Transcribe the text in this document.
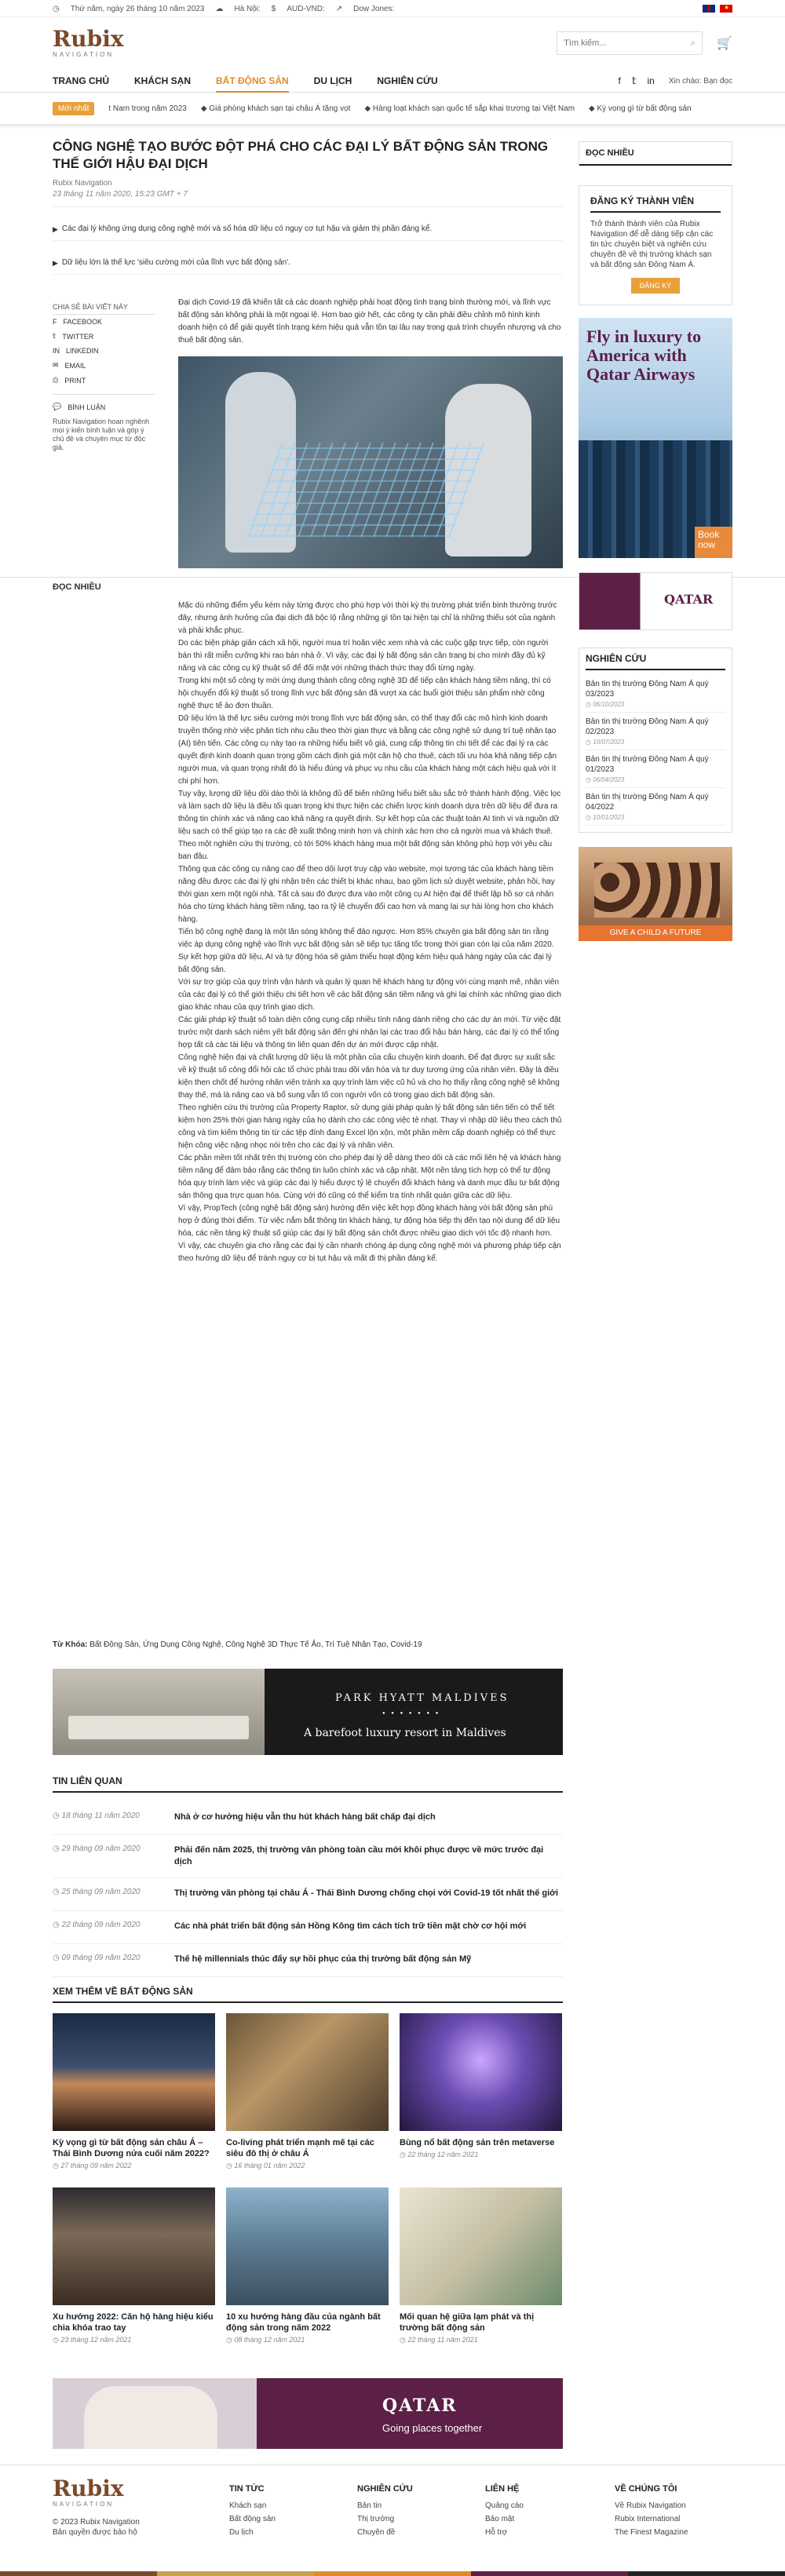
◷ Thứ năm, ngày 26 tháng 10 năm 2023 ☁ Hà Nội: $ AUD-VND: ↗ Dow Jones:
★
Rubix
NAVIGATION
Tìm kiếm...
⌕ 🛒
TRANG CHỦ	KHÁCH SẠN	BẤT ĐỘNG SẢN	DU LỊCH	NGHIÊN CỨU	f 𝕥 in Xin chào: Bạn đọc
Mới nhất	t Nam trong năm 2023 ◆ Giá phòng khách sạn tại châu Á tăng vọt ◆ Hàng loạt khách sạn quốc tế sắp khai trương tại Việt Nam ◆ Kỳ vọng gì từ bất động sản
CÔNG NGHỆ TẠO BƯỚC ĐỘT PHÁ CHO CÁC ĐẠI LÝ BẤT ĐỘNG SẢN TRONG THẾ GIỚI HẬU ĐẠI DỊCH
Rubix Navigation
23 tháng 11 năm 2020, 15:23 GMT + 7
▶ Các đại lý không ứng dụng công nghệ mới và số hóa dữ liệu có nguy cơ tụt hậu và giảm thị phần đáng kể.
▶ Dữ liệu lớn là thế lực 'siêu cường mới của lĩnh vực bất động sản'.
CHIA SẺ BÀI VIẾT NÀY
F FACEBOOK
𝕥 TWITTER
IN LINKEDIN
✉ EMAIL
⎙ PRINT
💬 BÌNH LUẬN
Rubix Navigation hoan nghênh mọi ý kiến bình luận và góp ý chủ đề và chuyên mục từ độc giả.

Đại dịch Covid-19 đã khiến tất cả các doanh nghiệp phải hoạt động tình trạng bình thường mới, và lĩnh vực bất động sản không phải là một ngoại lệ. Hơn bao giờ hết, các công ty cần phải điều chỉnh mô hình kinh doanh hiện có để giải quyết tình trạng kém hiệu quả vẫn tồn tại lâu nay trong quá trình chuyển nhượng và cho thuê bất động sản.

Mặc dù những điểm yếu kém này từng được cho phù hợp với thời kỳ thị trường phát triển bình thường trước đây, nhưng ảnh hưởng của đại dịch đã bộc lộ rằng những gì tồn tại hiện tại chỉ là những thiếu sót của ngành và phải khắc phục.

Do các biện pháp giãn cách xã hội, người mua trì hoãn việc xem nhà và các cuộc gặp trực tiếp, còn người bán thì rất miễn cưỡng khi rao bán nhà ở. Vì vậy, các đại lý bất động sản cần trang bị cho mình đầy đủ kỹ năng và các công cụ kỹ thuật số để đối mặt với những thách thức thay đổi từng ngày.

Trong khi một số công ty mới ứng dụng thành công công nghệ 3D để tiếp cận khách hàng tiềm năng, thì có hội chuyển đổi kỹ thuật số trong lĩnh vực bất động sản đã vượt xa các buổi giới thiệu sản phẩm nhờ công nghệ thực tế ảo đơn thuần.

Dữ liệu lớn là thế lực siêu cường mới trong lĩnh vực bất động sản, có thể thay đổi các mô hình kinh doanh truyền thống nhờ việc phân tích nhu cầu theo thời gian thực và bằng các công nghệ sử dụng trí tuệ nhân tạo (AI) tiên tiến. Các công cụ này tạo ra những hiểu biết vô giá, cung cấp thông tin chi tiết để các đại lý ra các quyết định kinh doanh quan trọng gồm cách định giá một căn hộ cho thuê, cách tối ưu hóa khả năng tiếp cận người mua, và quan trọng nhất đó là hiểu đúng và phục vụ nhu cầu của khách hàng một cách hiệu quả với ít chi phí hơn.

Tuy vậy, lượng dữ liệu dồi dào thôi là không đủ để biến những hiểu biết sâu sắc trở thành hành động. Việc lọc và làm sạch dữ liệu là điều tối quan trọng khi thực hiện các chiến lược kinh doanh dựa trên dữ liệu để đưa ra thông tin chính xác và nâng cao khả năng ra quyết định. Sự kết hợp của các thuật toán AI tinh vi và nguồn dữ liệu sạch có thể giúp tạo ra các đề xuất thông minh hơn và chính xác hơn cho cả người mua và khách thuê. Theo một nghiên cứu thị trường, có tới 50% khách hàng mua một bất động sản không phù hợp với yêu cầu ban đầu.

Thông qua các công cụ nâng cao để theo dõi lượt truy cập vào website, mọi tương tác của khách hàng tiềm năng đều được các đại lý ghi nhận trên các thiết bị khác nhau, bao gồm lịch sử duyệt website, phản hồi, hay thời gian xem một ngôi nhà. Tất cả sau đó được đưa vào một công cụ AI hiện đại để thiết lập hồ sơ cá nhân hóa cho từng khách hàng tiềm năng, tạo ra tỷ lệ chuyển đổi cao hơn và mang lại sự hài lòng hơn cho khách hàng.

Tiến bộ công nghệ đang là một lăn sóng không thể đảo ngược. Hơn 85% chuyên gia bất động sản tin rằng việc áp dụng công nghệ vào lĩnh vực bất động sản sẽ tiếp tục tăng tốc trong thời gian còn lại của năm 2020. Sự kết hợp giữa dữ liệu, AI và tự động hóa sẽ giảm thiểu hoạt động kém hiệu quả hàng ngày của các đại lý bất động sản.

Với sự trợ giúp của quy trình vận hành và quản lý quan hệ khách hàng tự động với cùng mạnh mẽ, nhân viên của các đại lý có thể giới thiệu chi tiết hơn về các bất động sản tiềm năng và ghi lại chính xác những giao dịch giao khác nhau của quy trình giao dịch.

Các giải pháp kỹ thuật số toàn diện công cụng cấp nhiều tính năng dành riêng cho các dự án mới. Từ việc đặt trước một danh sách niêm yết bất động sản đến ghi nhận lại các trao đổi hậu bán hàng, các đại lý có thể tổng hợp tất cả các tài liệu và thông tin liên quan đến dự án mới được cập nhật.

Công nghệ hiện đại và chất lượng dữ liệu là một phần của cấu chuyện kinh doanh. Để đạt được sự xuất sắc về kỹ thuật số công đổi hỏi các tổ chức phải trau dồi văn hóa và tư duy tương ứng của nhân viên. Đây là điều kiện then chốt để hướng nhân viên tránh xa quy trình làm việc cũ hủ và cho họ thấy rằng công nghệ sẽ không thay thế, mà là nâng cao và bổ sung vẫn tố con người vốn có trong giao dịch bất động sản.

Theo nghiên cứu thị trường của Property Raptor, sử dụng giải pháp quản lý bất động sản tiên tiến có thể tiết kiệm hơn 25% thời gian hàng ngày của họ dành cho các công việc tẻ nhạt. Thay vì nhập dữ liệu theo cách thủ công và tìm kiếm thông tin từ các tệp đính đang Excel lộn xộn, một phần mềm cấp doanh nghiệp có thể thực hiện công việc nặng nhọc nói trên cho các đại lý và nhân viên.

Các phần mềm tốt nhất trên thị trường còn cho phép đại lý dễ dàng theo dõi cả các mối liên hệ và khách hàng tiềm năng để đảm bảo rằng các thông tin luôn chính xác và cập nhật. Một nền tảng tích hợp có thể tự động hóa quy trình làm việc và giúp các đại lý hiểu được tỷ lệ chuyển đổi khách hàng và danh mục đầu tư bất động sản thông qua trực quan hóa. Cùng với đó cũng có thể kiểm tra tính nhất quán giữa các dữ liệu.

Vì vậy, PropTech (công nghệ bất động sản) hướng đến việc kết hợp đồng khách hàng với bất động sản phù hợp ở đúng thời điểm. Từ việc nắm bắt thông tin khách hàng, tự động hóa tiếp thị đến tạo nội dung để dữ liệu hóa, các nền tảng kỹ thuật số giúp các đại lý bất động sản chốt được nhiều giao dịch với tốc độ nhanh hơn.

Vì vậy, các chuyên gia cho rằng các đại lý cần nhanh chóng áp dụng công nghệ mới và phương pháp tiếp cận theo hướng dữ liệu để tránh nguy cơ bị tụt hậu và mất đi thị phần đáng kể.

ĐỌC NHIỀU
Từ Khóa: Bất Động Sản, Ứng Dụng Công Nghệ, Công Nghệ 3D Thực Tế Ảo, Trí Tuệ Nhân Tạo, Covid-19
PARK HYATT MALDIVES
● ● ● ● ● ● ●
A barefoot luxury resort in Maldives
TIN LIÊN QUAN
◷ 18 tháng 11 năm 2020	Nhà ở cơ hưởng hiệu vẫn thu hút khách hàng bất chấp đại dịch
◷ 29 tháng 09 năm 2020	Phải đến năm 2025, thị trường văn phòng toàn cầu mới khôi phục được về mức trước đại dịch
◷ 25 tháng 09 năm 2020	Thị trường văn phòng tại châu Á - Thái Bình Dương chống chọi với Covid-19 tốt nhất thế giới
◷ 22 tháng 09 năm 2020	Các nhà phát triển bất động sản Hồng Kông tìm cách tích trữ tiền mặt chờ cơ hội mới
◷ 09 tháng 09 năm 2020	Thế hệ millennials thúc đẩy sự hồi phục của thị trường bất động sản Mỹ
XEM THÊM VỀ BẤT ĐỘNG SẢN
Kỳ vọng gì từ bất động sản châu Á – Thái Bình Dương nửa cuối năm 2022?
◷ 27 tháng 09 năm 2022
Co-living phát triển mạnh mẽ tại các siêu đô thị ở châu Á
◷ 16 tháng 01 năm 2022
Bùng nổ bất động sản trên metaverse
◷ 22 tháng 12 năm 2021
Xu hướng 2022: Căn hộ hàng hiệu kiểu chia khóa trao tay
◷ 23 tháng 12 năm 2021
10 xu hướng hàng đầu của ngành bất động sản trong năm 2022
◷ 08 tháng 12 năm 2021
Mối quan hệ giữa lạm phát và thị trường bất động sản
◷ 22 tháng 11 năm 2021
QATAR
Going places together
ĐỌC NHIỀU
ĐĂNG KÝ THÀNH VIÊN
Trở thành thành viên của Rubix Navigation để dễ dàng tiếp cận các tin tức chuyên biệt và nghiên cứu chuyên đề về thị trường khách sạn và bất động sản Đông Nam Á.
ĐĂNG KÝ
Fly in luxury to America with Qatar Airways
Book now
QATAR
NGHIÊN CỨU
Bản tin thị trường Đông Nam Á quý 03/2023
◷ 06/10/2023
Bản tin thị trường Đông Nam Á quý 02/2023
◷ 10/07/2023
Bản tin thị trường Đông Nam Á quý 01/2023
◷ 06/04/2023
Bản tin thị trường Đông Nam Á quý 04/2022
◷ 10/01/2023
GIVE A CHILD A FUTURE
Rubix
NAVIGATION
© 2023 Rubix Navigation
Bản quyền được bảo hộ
TIN TỨC
Khách sạn
Bất động sản
Du lịch
NGHIÊN CỨU
Bản tin
Thị trường
Chuyên đề
LIÊN HỆ
Quảng cáo
Bảo mật
Hỗ trợ
VỀ CHÚNG TÔI
Về Rubix Navigation
Rubix International
The Finest Magazine
